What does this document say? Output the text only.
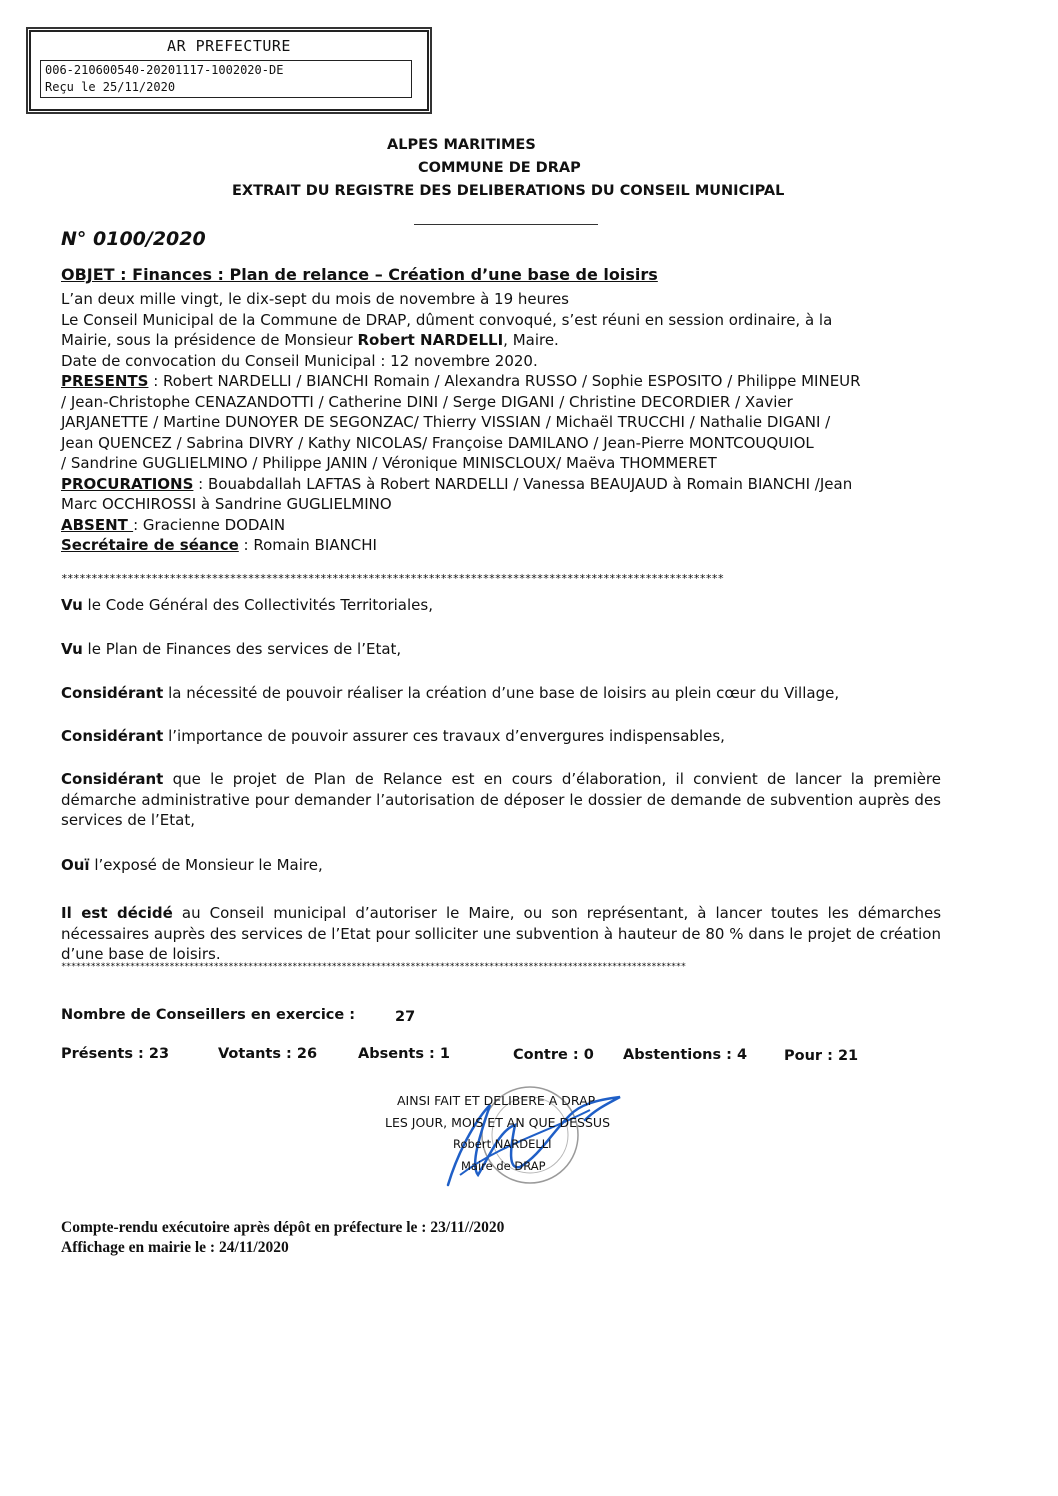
AR PREFECTURE
006-210600540-20201117-1002020-DE
Reçu le 25/11/2020
ALPES MARITIMES
COMMUNE DE DRAP
EXTRAIT DU REGISTRE DES DELIBERATIONS DU CONSEIL MUNICIPAL
N° 0100/2020
OBJET : Finances : Plan de relance – Création d’une base de loisirs
L’an deux mille vingt, le dix-sept du mois de novembre à 19 heures
Le Conseil Municipal de la Commune de DRAP, dûment convoqué, s’est réuni en session ordinaire, à la
Mairie, sous la présidence de Monsieur Robert NARDELLI, Maire.
Date de convocation du Conseil Municipal : 12 novembre 2020.
PRESENTS : Robert NARDELLI / BIANCHI Romain / Alexandra RUSSO / Sophie ESPOSITO / Philippe MINEUR
/ Jean-Christophe CENAZANDOTTI / Catherine DINI / Serge DIGANI / Christine DECORDIER / Xavier
JARJANETTE / Martine DUNOYER DE SEGONZAC/ Thierry VISSIAN / Michaël TRUCCHI / Nathalie DIGANI /
Jean QUENCEZ / Sabrina DIVRY / Kathy NICOLAS/ Françoise DAMILANO / Jean-Pierre MONTCOUQUIOL
/ Sandrine GUGLIELMINO / Philippe JANIN / Véronique MINISCLOUX/ Maëva THOMMERET
PROCURATIONS : Bouabdallah LAFTAS à Robert NARDELLI / Vanessa BEAUJAUD à Romain BIANCHI /Jean
Marc OCCHIROSSI à Sandrine GUGLIELMINO
ABSENT : Gracienne DODAIN
Secrétaire de séance : Romain BIANCHI
**************************************************************************************************************
Vu le Code Général des Collectivités Territoriales,
Vu le Plan de Finances des services de l’Etat,
Considérant la nécessité de pouvoir réaliser la création d’une base de loisirs au plein cœur du Village,
Considérant l’importance de pouvoir assurer ces travaux d’envergures indispensables,
Considérant que le projet de Plan de Relance est en cours d’élaboration, il convient de lancer la première démarche administrative pour demander l’autorisation de déposer le dossier de demande de subvention auprès des services de l’Etat,
Ouï l’exposé de Monsieur le Maire,
Il est décidé au Conseil municipal d’autoriser le Maire, ou son représentant, à lancer toutes les démarches nécessaires auprès des services de l’Etat pour solliciter une subvention à hauteur de 80 % dans le projet de création d’une base de loisirs.
*******************************************************************************************************************************
Nombre de Conseillers en exercice :	27
Présents : 23	Votants : 26	Absents : 1	Contre : 0 Abstentions : 4	Pour : 21
AINSI FAIT ET DELIBERE A DRAP
LES JOUR, MOIS ET AN QUE DESSUS
Robert NARDELLI
Maire de DRAP
Compte-rendu exécutoire après dépôt en préfecture le : 23/11//2020
Affichage en mairie le : 24/11/2020
